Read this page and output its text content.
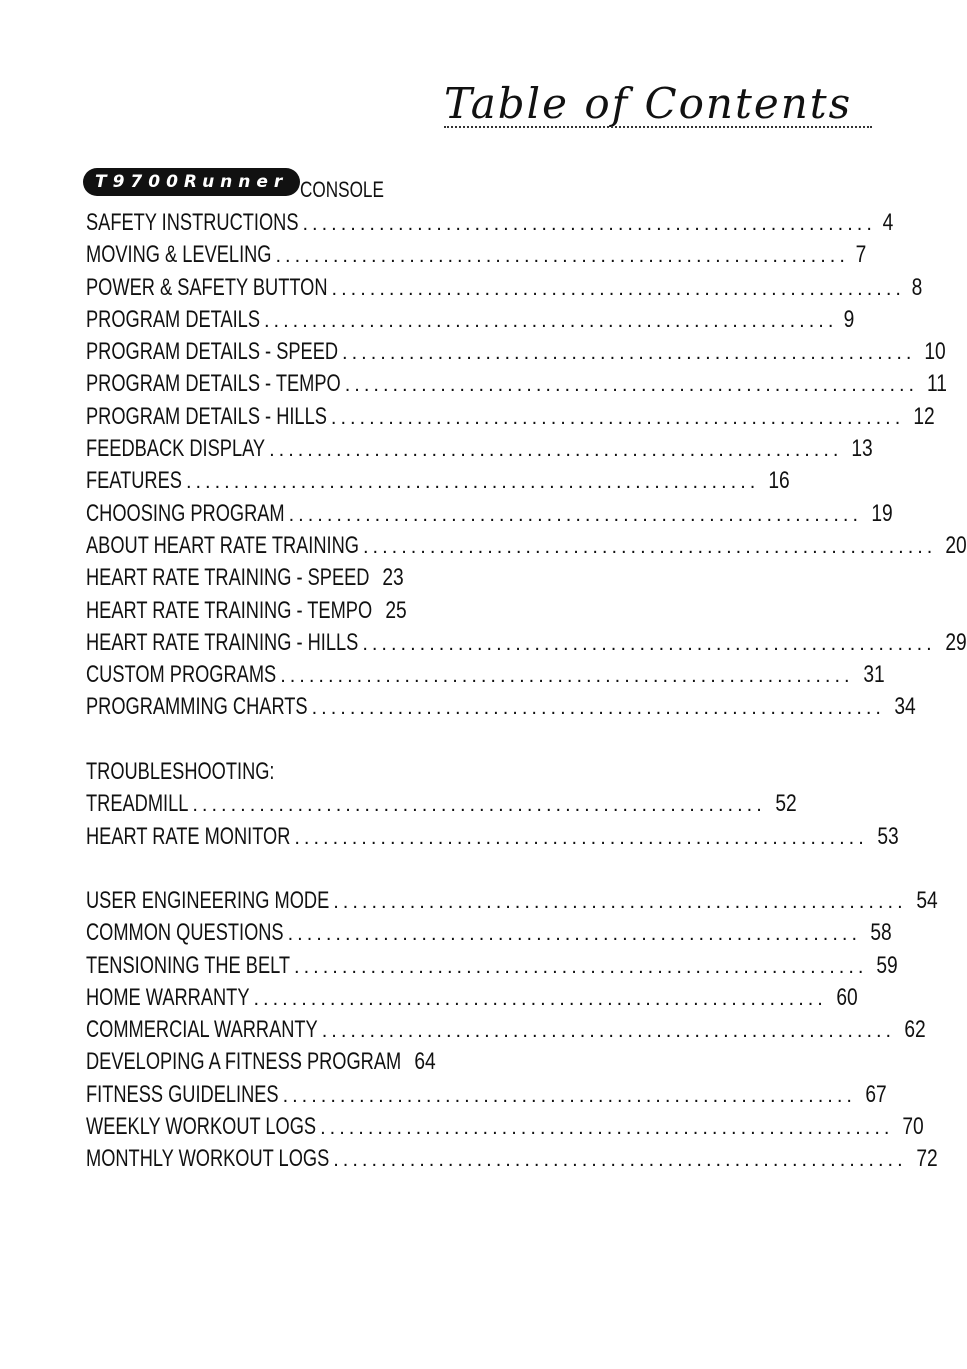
Table of Contents
T9700Runner CONSOLE
SAFETY INSTRUCTIONS ............................................................ 4
MOVING & LEVELING ............................................................ 7
POWER & SAFETY BUTTON ............................................................ 8
PROGRAM DETAILS ............................................................ 9
PROGRAM DETAILS - SPEED ............................................................ 10
PROGRAM DETAILS - TEMPO ............................................................ 11
PROGRAM DETAILS - HILLS ............................................................ 12
FEEDBACK DISPLAY ............................................................ 13
FEATURES ............................................................ 16
CHOOSING PROGRAM ............................................................ 19
ABOUT HEART RATE TRAINING ............................................................ 20
HEART RATE TRAINING - SPEED 23
HEART RATE TRAINING - TEMPO 25
HEART RATE TRAINING - HILLS ............................................................ 29
CUSTOM PROGRAMS ............................................................ 31
PROGRAMMING CHARTS ............................................................ 34
TROUBLESHOOTING:
TREADMILL ............................................................ 52
HEART RATE MONITOR ............................................................ 53
USER ENGINEERING MODE ............................................................ 54
COMMON QUESTIONS ............................................................ 58
TENSIONING THE BELT ............................................................ 59
HOME WARRANTY ............................................................ 60
COMMERCIAL WARRANTY ............................................................ 62
DEVELOPING A FITNESS PROGRAM 64
FITNESS GUIDELINES ............................................................ 67
WEEKLY WORKOUT LOGS ............................................................ 70
MONTHLY WORKOUT LOGS ............................................................ 72
